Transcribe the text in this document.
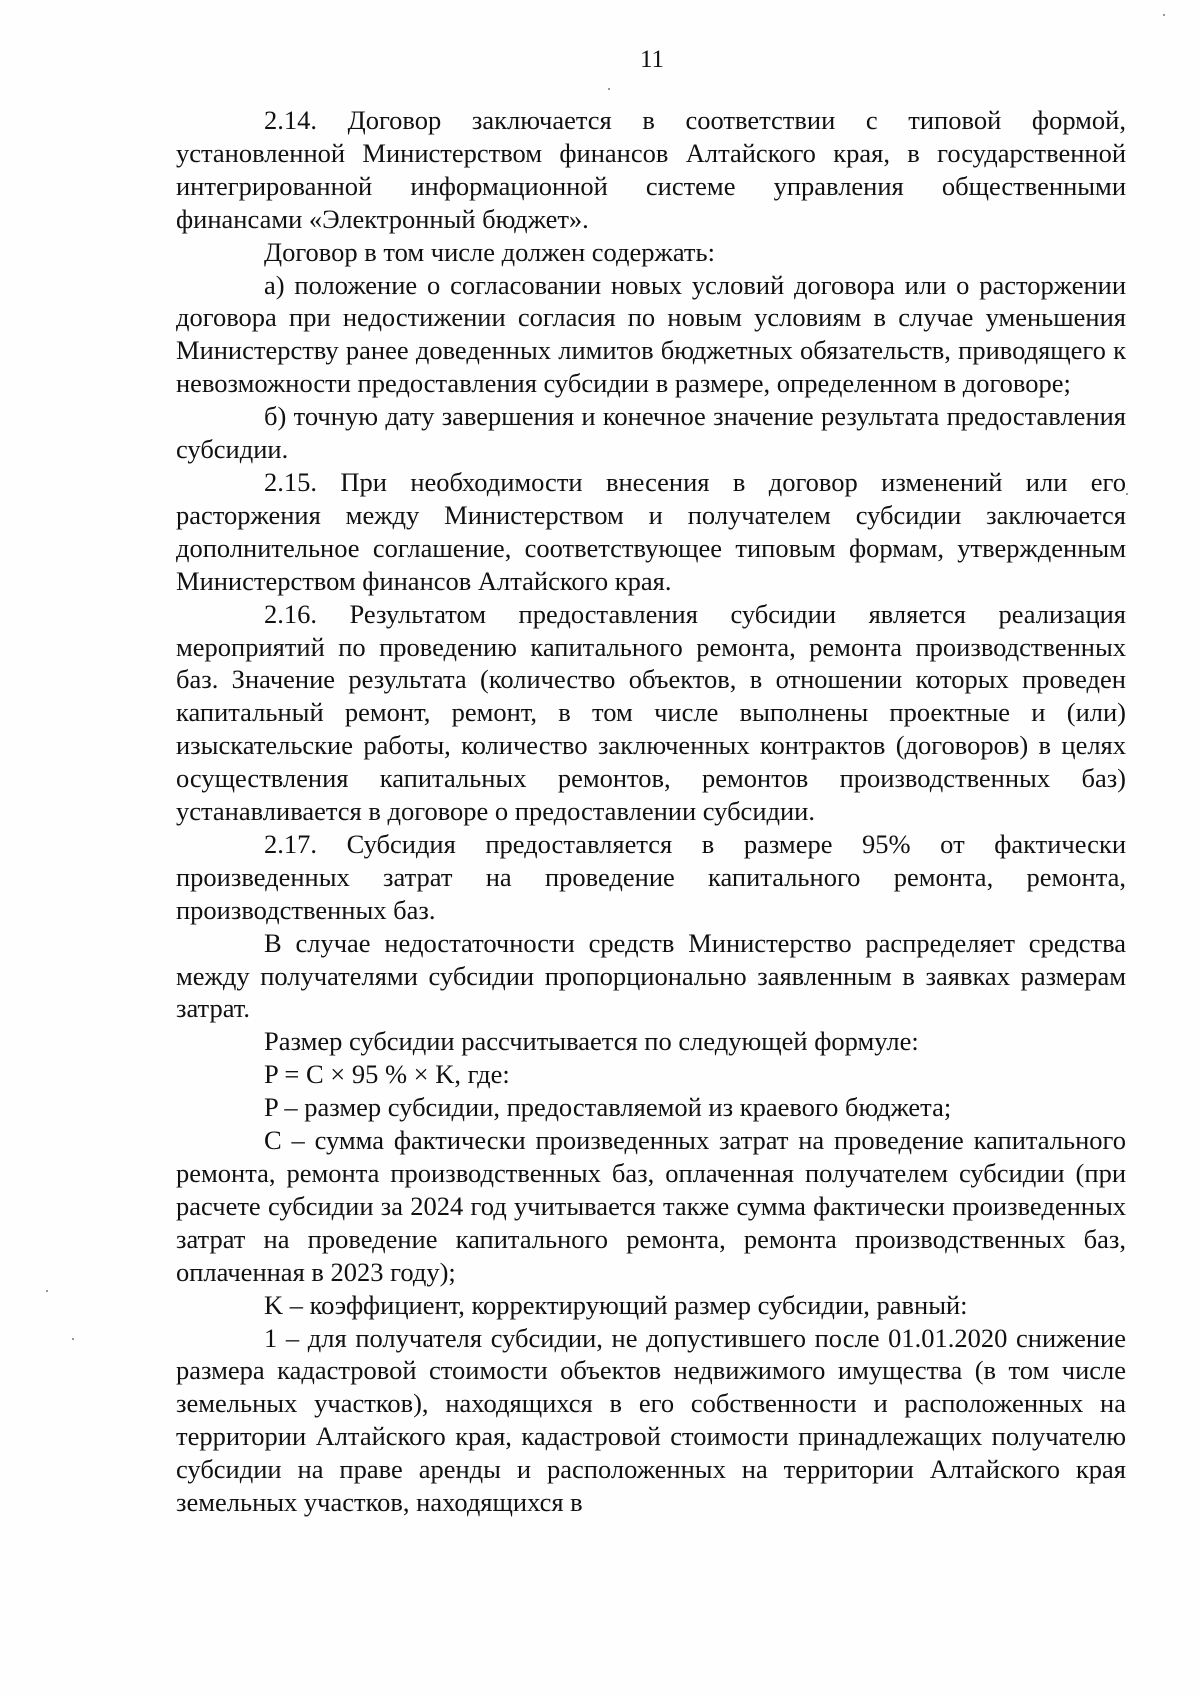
11

2.14. Договор заключается в соответствии с типовой формой, установленной Министерством финансов Алтайского края, в государственной интегрированной информационной системе управления общественными финансами «Электронный бюджет».

Договор в том числе должен содержать:

а) положение о согласовании новых условий договора или о расторжении договора при недостижении согласия по новым условиям в случае уменьшения Министерству ранее доведенных лимитов бюджетных обязательств, приводящего к невозможности предоставления субсидии в размере, определенном в договоре;

б) точную дату завершения и конечное значение результата предоставления субсидии.

2.15. При необходимости внесения в договор изменений или его расторжения между Министерством и получателем субсидии заключается дополнительное соглашение, соответствующее типовым формам, утвержденным Министерством финансов Алтайского края.

2.16. Результатом предоставления субсидии является реализация мероприятий по проведению капитального ремонта, ремонта производственных баз. Значение результата (количество объектов, в отношении которых проведен капитальный ремонт, ремонт, в том числе выполнены проектные и (или) изыскательские работы, количество заключенных контрактов (договоров) в целях осуществления капитальных ремонтов, ремонтов производственных баз) устанавливается в договоре о предоставлении субсидии.

2.17. Субсидия предоставляется в размере 95% от фактически произведенных затрат на проведение капитального ремонта, ремонта, производственных баз.

В случае недостаточности средств Министерство распределяет средства между получателями субсидии пропорционально заявленным в заявках размерам затрат.

Размер субсидии рассчитывается по следующей формуле:

P = C × 95 % × K, где:

P – размер субсидии, предоставляемой из краевого бюджета;

C – сумма фактически произведенных затрат на проведение капитального ремонта, ремонта производственных баз, оплаченная получателем субсидии (при расчете субсидии за 2024 год учитывается также сумма фактически произведенных затрат на проведение капитального ремонта, ремонта производственных баз, оплаченная в 2023 году);

K – коэффициент, корректирующий размер субсидии, равный:

1 – для получателя субсидии, не допустившего после 01.01.2020 снижение размера кадастровой стоимости объектов недвижимого имущества (в том числе земельных участков), находящихся в его собственности и расположенных на территории Алтайского края, кадастровой стоимости принадлежащих получателю субсидии на праве аренды и расположенных на территории Алтайского края земельных участков, находящихся в
